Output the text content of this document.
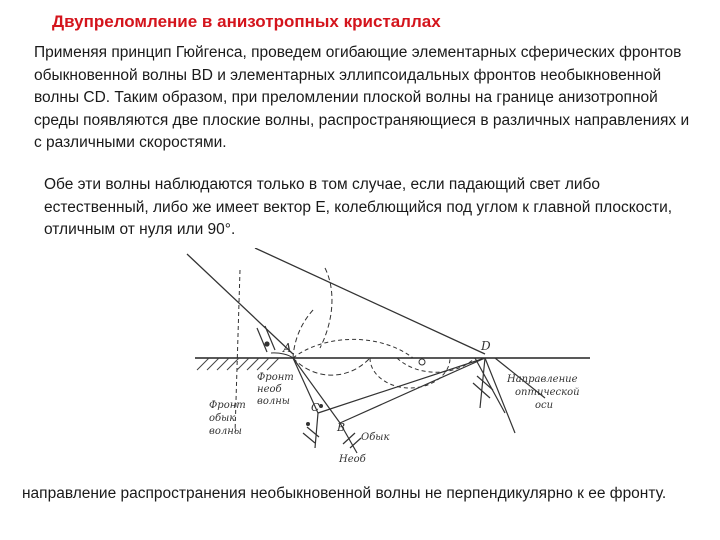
Двупреломление в анизотропных кристаллах

Применяя принцип Гюйгенса, проведем огибающие элементарных сферических фронтов обыкновенной волны BD и элементарных эллипсоидальных фронтов необыкновенной волны CD. Таким образом, при преломлении плоской волны на границе анизотропной среды появляются две плоские волны, распространяющиеся в различных направлениях и с различными скоростями.

Обе эти волны наблюдаются только в том случае, если падающий свет либо естественный, либо же имеет вектор Е, колеблющийся под углом к главной плоскости, отличным от нуля или 90°.

A	D
C
B
Фронт
необ
волны
Фронт
обык
волны
Обык
Необ
Направление
оптической
оси

направление распространения необыкновенной волны не перпендикулярно к ее фронту.
